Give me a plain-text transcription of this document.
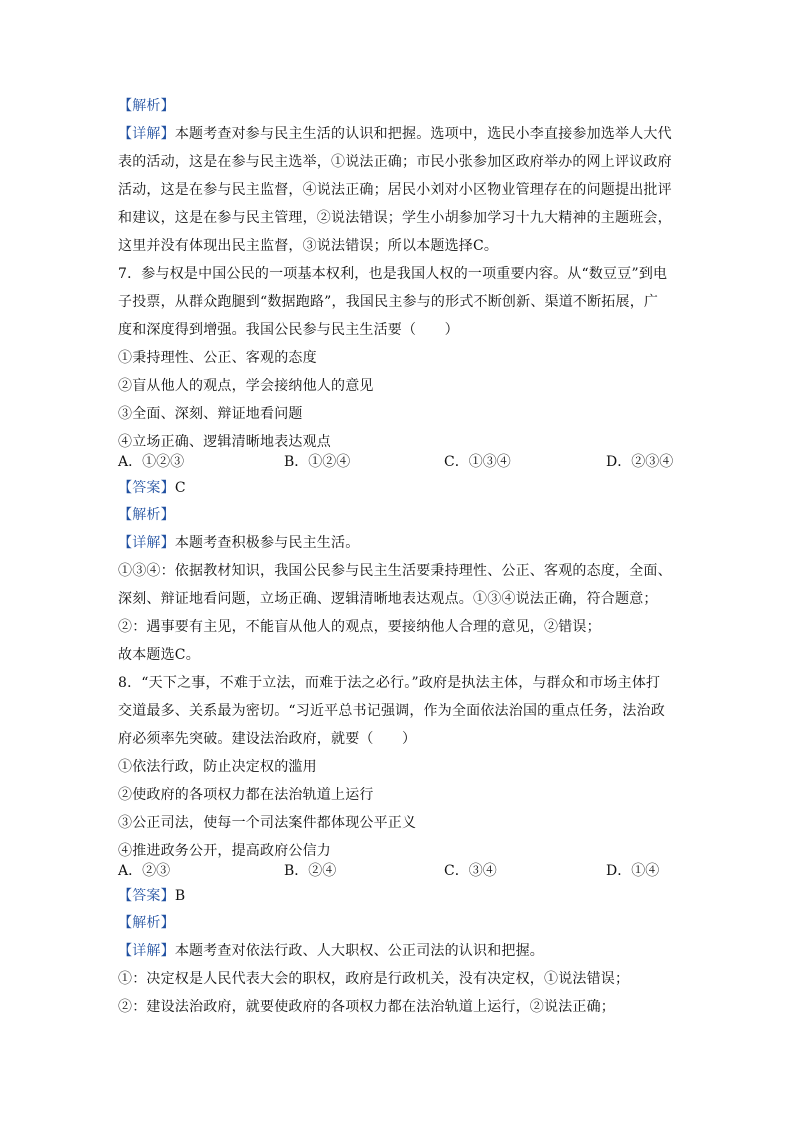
【解析】
【详解】本题考查对参与民主生活的认识和把握。选项中，选民小李直接参加选举人大代
表的活动，这是在参与民主选举，①说法正确；市民小张参加区政府举办的网上评议政府
活动，这是在参与民主监督，④说法正确；居民小刘对小区物业管理存在的问题提出批评
和建议，这是在参与民主管理，②说法错误；学生小胡参加学习十九大精神的主题班会，
这里并没有体现出民主监督，③说法错误；所以本题选择C。
7．参与权是中国公民的一项基本权利，也是我国人权的一项重要内容。从“数豆豆”到电
子投票，从群众跑腿到“数据跑路”，我国民主参与的形式不断创新、渠道不断拓展，广
度和深度得到增强。我国公民参与民主生活要（　　）
①秉持理性、公正、客观的态度
②盲从他人的观点，学会接纳他人的意见
③全面、深刻、辩证地看问题
④立场正确、逻辑清晰地表达观点
A．①②③	B．①②④	C．①③④	D．②③④
【答案】C
【解析】
【详解】本题考查积极参与民主生活。
①③④：依据教材知识，我国公民参与民主生活要秉持理性、公正、客观的态度，全面、
深刻、辩证地看问题，立场正确、逻辑清晰地表达观点。①③④说法正确，符合题意；
②：遇事要有主见，不能盲从他人的观点，要接纳他人合理的意见，②错误；
故本题选C。
8．“天下之事，不难于立法，而难于法之必行。”政府是执法主体，与群众和市场主体打
交道最多、关系最为密切。“习近平总书记强调，作为全面依法治国的重点任务，法治政
府必须率先突破。建设法治政府，就要（　　）
①依法行政，防止决定权的滥用
②使政府的各项权力都在法治轨道上运行
③公正司法，使每一个司法案件都体现公平正义
④推进政务公开，提高政府公信力
A．②③	B．②④	C．③④	D．①④
【答案】B
【解析】
【详解】本题考查对依法行政、人大职权、公正司法的认识和把握。
①：决定权是人民代表大会的职权，政府是行政机关，没有决定权，①说法错误；
②：建设法治政府，就要使政府的各项权力都在法治轨道上运行，②说法正确；
